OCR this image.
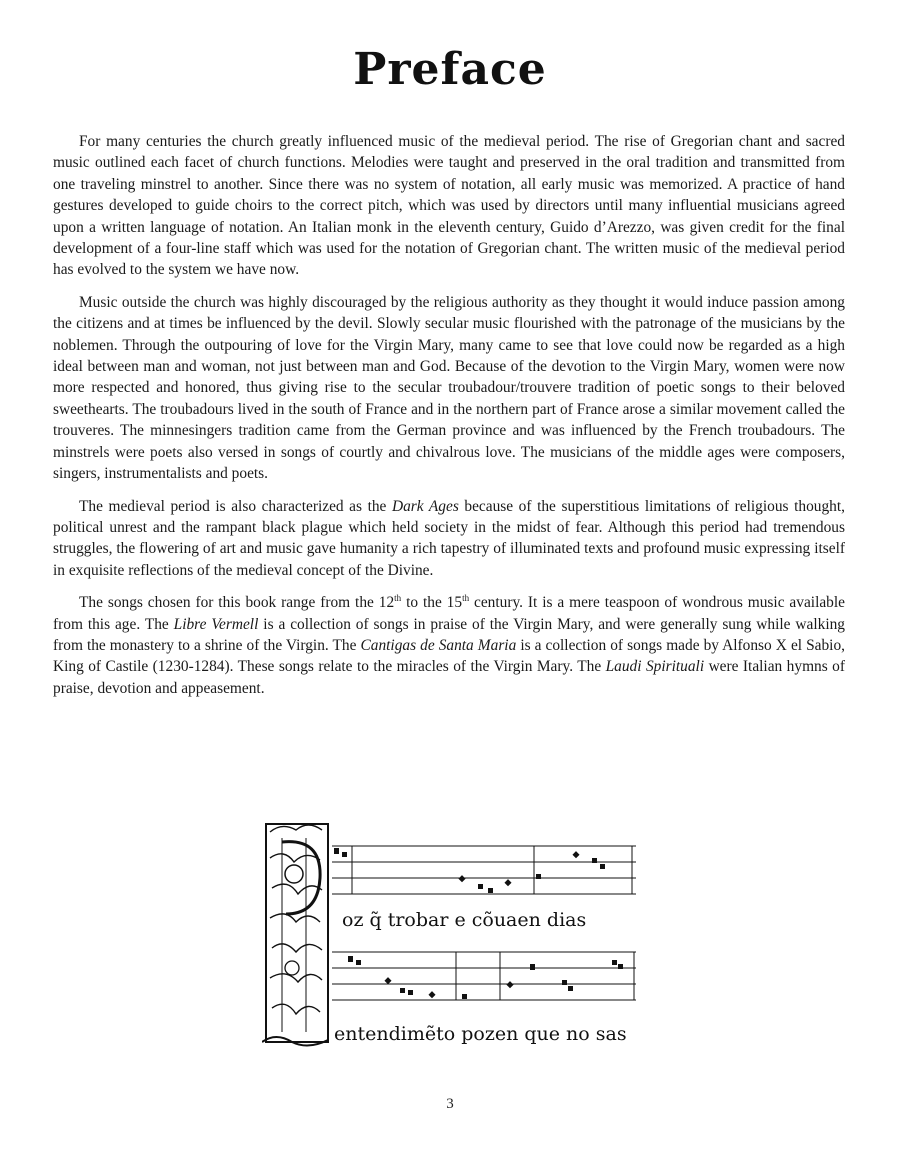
Preface

For many centuries the church greatly influenced music of the medieval period. The rise of Gregorian chant and sacred music outlined each facet of church functions. Melodies were taught and preserved in the oral tradition and transmitted from one traveling minstrel to another. Since there was no system of notation, all early music was memorized. A practice of hand gestures developed to guide choirs to the correct pitch, which was used by directors until many influential musicians agreed upon a written language of notation. An Italian monk in the eleventh century, Guido d’Arezzo, was given credit for the final development of a four-line staff which was used for the notation of Gregorian chant. The written music of the medieval period has evolved to the system we have now.

Music outside the church was highly discouraged by the religious authority as they thought it would induce passion among the citizens and at times be influenced by the devil. Slowly secular music flourished with the patronage of the musicians by the noblemen. Through the outpouring of love for the Virgin Mary, many came to see that love could now be regarded as a high ideal between man and woman, not just between man and God. Because of the devotion to the Virgin Mary, women were now more respected and honored, thus giving rise to the secular troubadour/trouvere tradition of poetic songs to their beloved sweethearts. The troubadours lived in the south of France and in the northern part of France arose a similar movement called the trouveres. The minnesingers tradition came from the German province and was influenced by the French troubadours. The minstrels were poets also versed in songs of courtly and chivalrous love. The musicians of the middle ages were composers, singers, instrumentalists and poets.

The medieval period is also characterized as the Dark Ages because of the superstitious limitations of religious thought, political unrest and the rampant black plague which held society in the midst of fear. Although this period had tremendous struggles, the flowering of art and music gave humanity a rich tapestry of illuminated texts and profound music expressing itself in exquisite reflections of the medieval concept of the Divine.

The songs chosen for this book range from the 12th to the 15th century. It is a mere teaspoon of wondrous music available from this age. The Libre Vermell is a collection of songs in praise of the Virgin Mary, and were generally sung while walking from the monastery to a shrine of the Virgin. The Cantigas de Santa Maria is a collection of songs made by Alfonso X el Sabio, King of Castile (1230-1284). These songs relate to the miracles of the Virgin Mary. The Laudi Spirituali were Italian hymns of praise, devotion and appeasement.

oz q̃ trobar e cõuaen dias
entendimẽto pozen que no sas
3
